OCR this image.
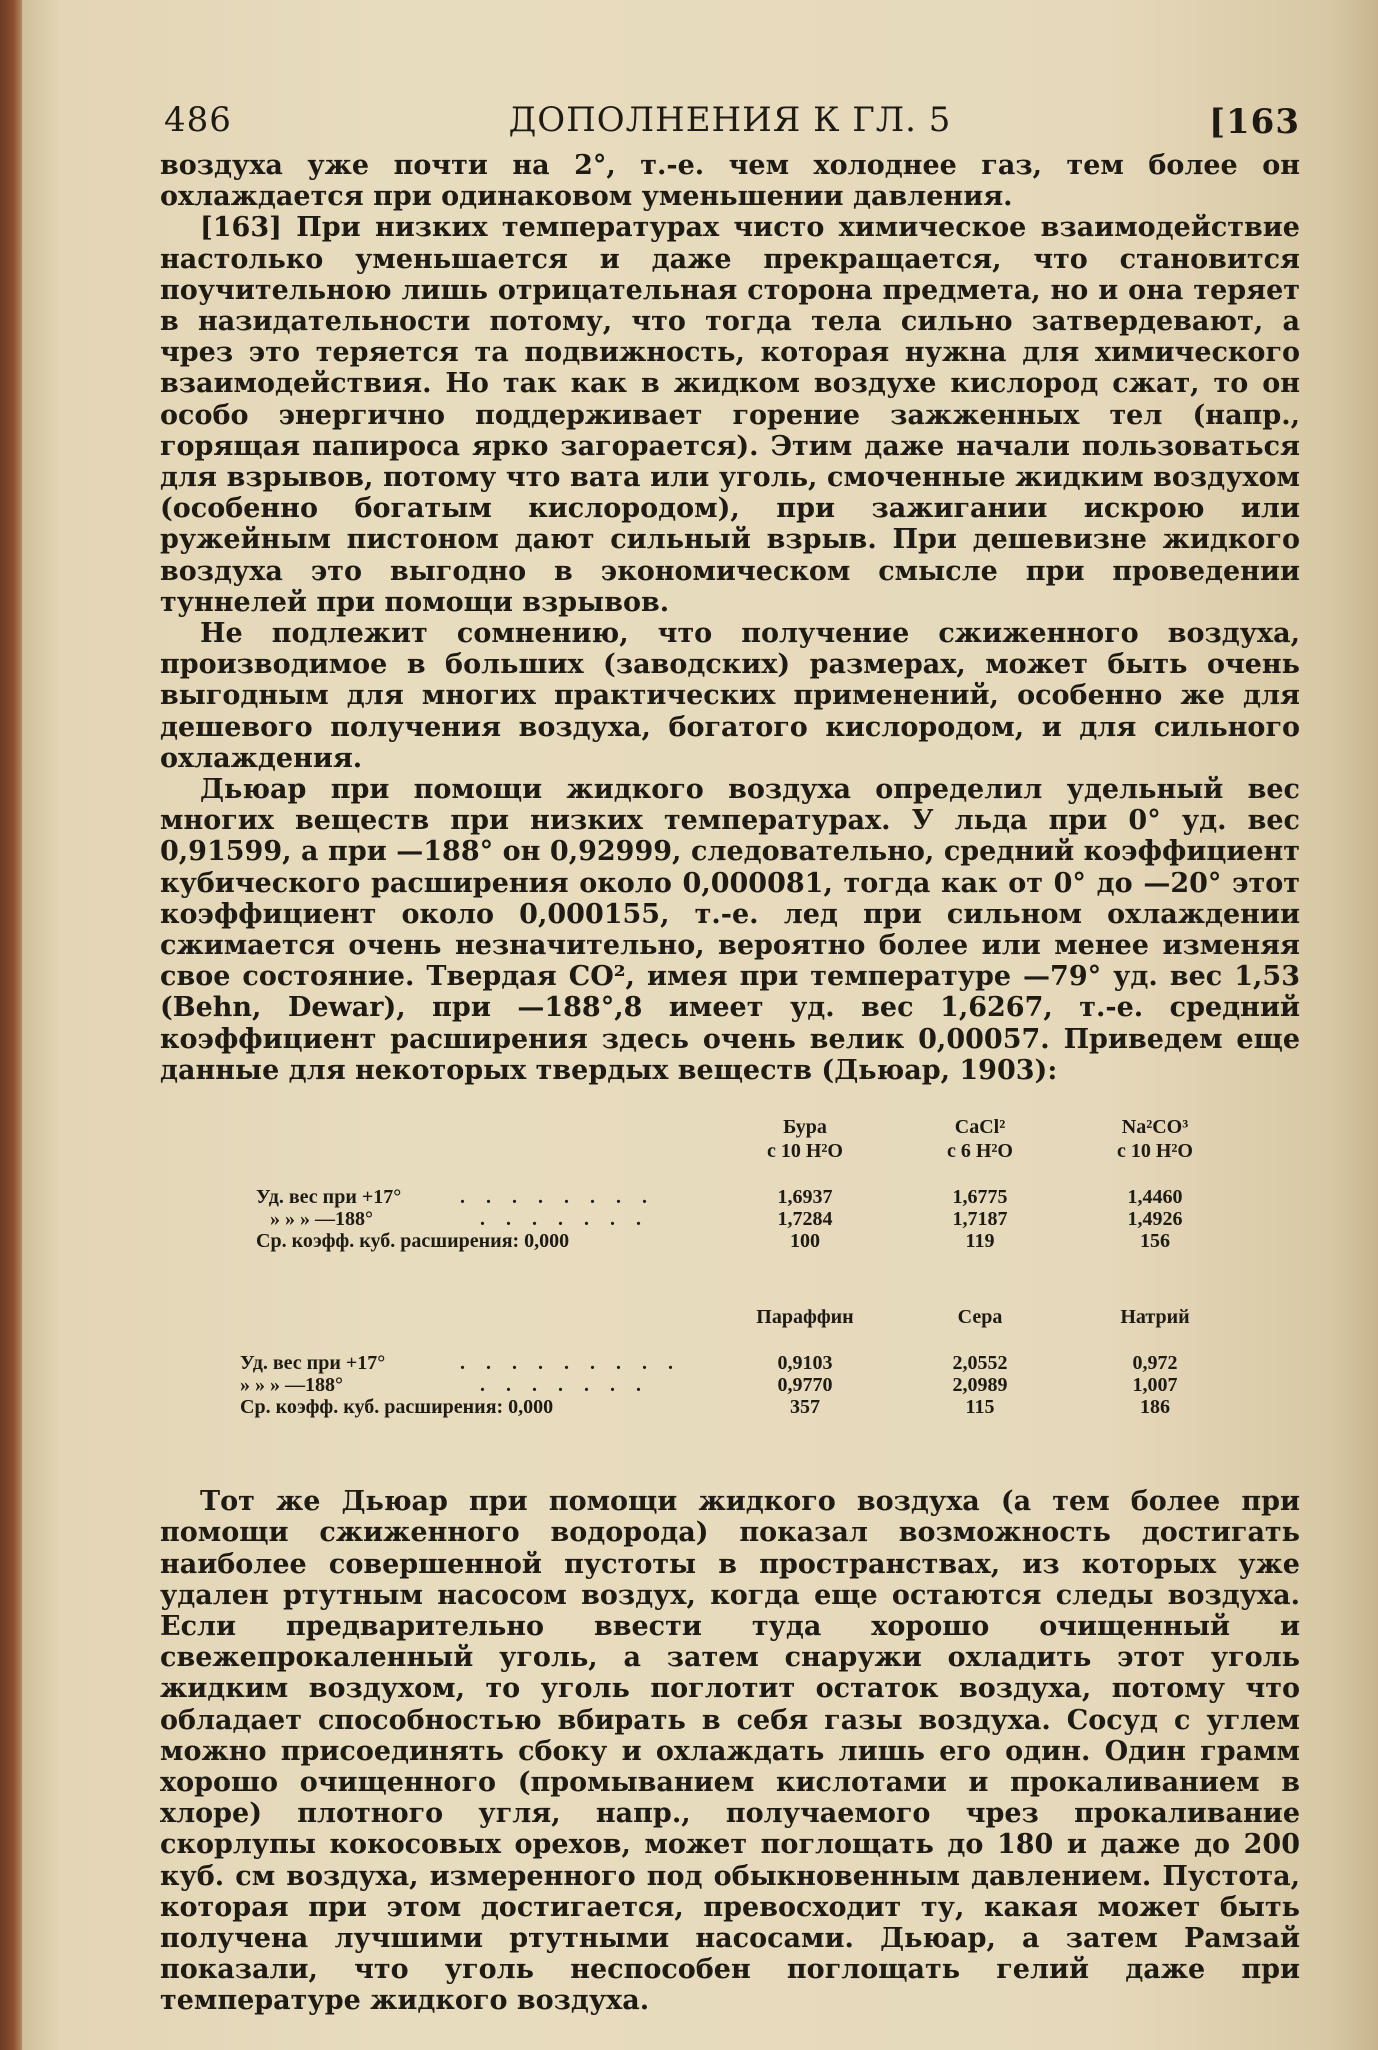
486	ДОПОЛНЕНИЯ К ГЛ. 5	[163

воздуха уже почти на 2°, т.-е. чем холоднее газ, тем более он охлаждается при одинаковом уменьшении давления.

[163] При низких температурах чисто химическое взаимодействие настолько уменьшается и даже прекращается, что становится поучительною лишь отрицательная сторона предмета, но и она теряет в назидательности потому, что тогда тела сильно затвердевают, а чрез это теряется та подвижность, которая нужна для химического взаимодействия. Но так как в жидком воздухе кислород сжат, то он особо энергично поддерживает горение зажженных тел (напр., горящая папироса ярко загорается). Этим даже начали пользоваться для взрывов, потому что вата или уголь, смоченные жидким воздухом (особенно богатым кислородом), при зажигании искрою или ружейным пистоном дают сильный взрыв. При дешевизне жидкого воздуха это выгодно в экономическом смысле при проведении туннелей при помощи взрывов.

Не подлежит сомнению, что получение сжиженного воздуха, производимое в больших (заводских) размерах, может быть очень выгодным для многих практических применений, особенно же для дешевого получения воздуха, богатого кислородом, и для сильного охлаждения.

Дьюар при помощи жидкого воздуха определил удельный вес многих веществ при низких температурах. У льда при 0° уд. вес 0,91599, а при —188° он 0,92999, следовательно, средний коэффициент кубического расширения около 0,000081, тогда как от 0° до —20° этот коэффициент около 0,000155, т.-е. лед при сильном охлаждении сжимается очень незначительно, вероятно более или менее изменяя свое состояние. Твердая CO², имея при температуре —79° уд. вес 1,53 (Behn, Dewar), при —188°,8 имеет уд. вес 1,6267, т.-е. средний коэффициент расширения здесь очень велик 0,00057. Приведем еще данные для некоторых твердых веществ (Дьюар, 1903):

Бура	CaCl²	Na²CO³
с 10 H²O	с 6 H²O	с 10 H²O
Уд. вес при +17°	. . . . . . . .	1,6937	1,6775	1,4460
» » » —188°	. . . . . . .	1,7284	1,7187	1,4926
Ср. коэфф. куб. расширения: 0,000	100	119	156
Параффин	Сера	Натрий
Уд. вес при +17°	. . . . . . . . .	0,9103	2,0552	0,972
» » » —188°	. . . . . . .	0,9770	2,0989	1,007
Ср. коэфф. куб. расширения: 0,000	357	115	186

Тот же Дьюар при помощи жидкого воздуха (а тем более при помощи сжиженного водорода) показал возможность достигать наиболее совершенной пустоты в пространствах, из которых уже удален ртутным насосом воздух, когда еще остаются следы воздуха. Если предварительно ввести туда хорошо очищенный и свежепрокаленный уголь, а затем снаружи охладить этот уголь жидким воздухом, то уголь поглотит остаток воздуха, потому что обладает способностью вбирать в себя газы воздуха. Сосуд с углем можно присоединять сбоку и охлаждать лишь его один. Один грамм хорошо очищенного (промыванием кислотами и прокаливанием в хлоре) плотного угля, напр., получаемого чрез прокаливание скорлупы кокосовых орехов, может поглощать до 180 и даже до 200 куб. см воздуха, измеренного под обыкновенным давлением. Пустота, которая при этом достигается, превосходит ту, какая может быть получена лучшими ртутными насосами. Дьюар, а затем Рамзай показали, что уголь неспособен поглощать гелий даже при температуре жидкого воздуха.
